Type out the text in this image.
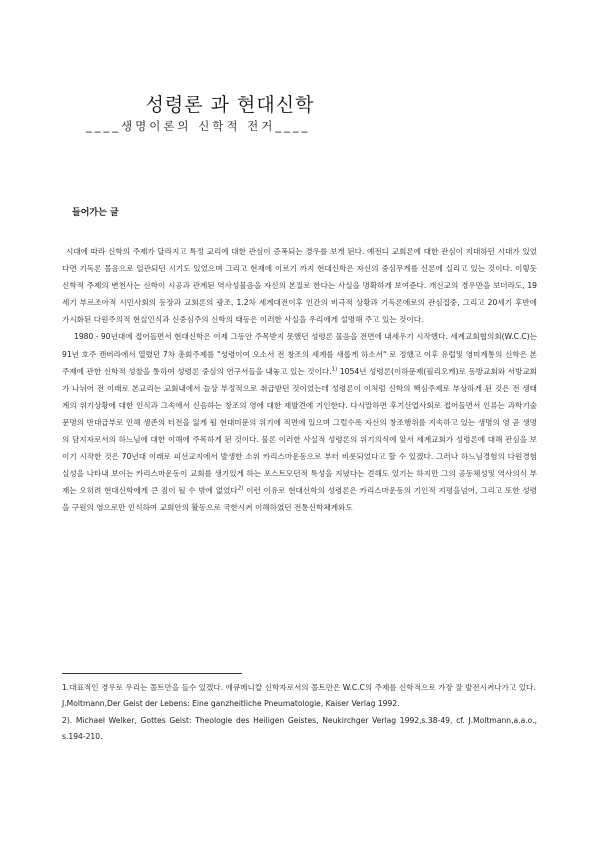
성령론 과 현대신학
____생명이론의 신학적 전거____
들어가는 글

시대에 따라 신학의 주제가 달라지고 특정 교리에 대한 관심이 증폭되는 경우를 보게 된다. 예전디 교회론에 대한 관심이 지대하던 시대가 있었다면 기독론 몰음으로 일관되던 시기도 있었으며 그리고 현재에 이르기 까지 현대신학은 자신의 중심무게를 신론에 실리고 있는 것이다. 이렇듯 신학적 주제의 변천사는 신학이 시공과 관계된 역사성물음을 자신의 본질로 한다는 사실을 명확하게 보여준다. 개신교의 경우만을 보더라도, 19세기 부르조아적 시민사회의 등장과 교회론의 광조, 1.2차 세계대전이후 인간의 비극적 상황과 기독론에로의 관심집중, 그리고 20세기 후반에 가시화된 다원주의적 현실인식과 신중심주의 신학의 태동은 이러한 사실을 우리에게 설명해 주고 있는 것이다.

1980 - 90년대에 접어들면서 현대신학은 이제 그동안 주목받지 못했던 성령론 물음을 전면에 내세우기 시작했다. 세계교회협의회(W.C.C)는 91년 호주 캔버라에서 열렸던 7차 총회주제를 "성령이여 오소서 전 창조의 세계를 새롭게 하소서" 로 정했고 이후 유럽및 영미계통의 신학은 본 주제에 관한 신학적 성찰을 통하여 성령론 중심의 연구서들을 내놓고 있는 것이다.$^{1)}$ 1054년 성령론(이하문제(필리오케)로 동방교회와 서방교회가 나뉘어 전 이래로 본교리는 교회내에서 늘상 부정적으로 취급받던 것이었는데 성령론이 이처럼 신학의 핵심주제로 부상하게 된 것은 전 생태계의 위기상황에 대한 인식과 그속에서 신음하는 창조의 영에 대한 재발견에 기인한다. 다시말하면 후기산업사회로 접어들면서 인류는 과학기술문명의 반대급부로 인해 생존의 터전을 잃게 될 현대미문의 위기에 직면에 있으며 그럴수록 자신의 창조행위를 지속하고 있는 생명의 영 곧 생명의 담지자로서의 하느님에 대한 이해에 주목하게 된 것이다. 물론 이러한 사실적 성령론의 위기의식에 앞서 세계교회가 성령론에 대해 관심을 보이기 시작한 것은 70년대 이래로 피선교지에서 발생한 소위 카리스마운동으로 부터 비롯되었다고 할 수 있겠다. 그러나 하느님경험의 다원경험실성을 나타내 보이는 카리스마운동이 교회를 생기있게 하는 포스트모던적 특성을 지녔다는 견해도 있기는 하지만 그의 공동체성및 역사의식 부재는 오히려 현대신학에게 큰 짐이 될 수 밖에 없었다$^{2)}$ 이런 이유로 현대신학의 성령론은 카리스마운동의 기인적 지평을넘어, 그리고 또한 성령을 구원의 영으로만 인식하여 교회안의 활동으로 국한시켜 이해하였던 전통신학체계와도

1.대표적인 경우로 우리는 몰트만을 들수 있겠다. 에큐메니칼 신학자로서의 몰트만은 W.C.C의 주제를 신학적으로 가장 잘 발전시켜나가고 있다.

J.Moltmann,Der Geist der Lebens: Eine ganzheitliche Pneumatologie, Kaiser Verlag 1992.

2). Michael Welker, Gottes Geist: Theologie des Heiligen Geistes, Neukirchger Verlag 1992,s.38-49, cf. J.Moltmann,a.a.o., s.194-210.
